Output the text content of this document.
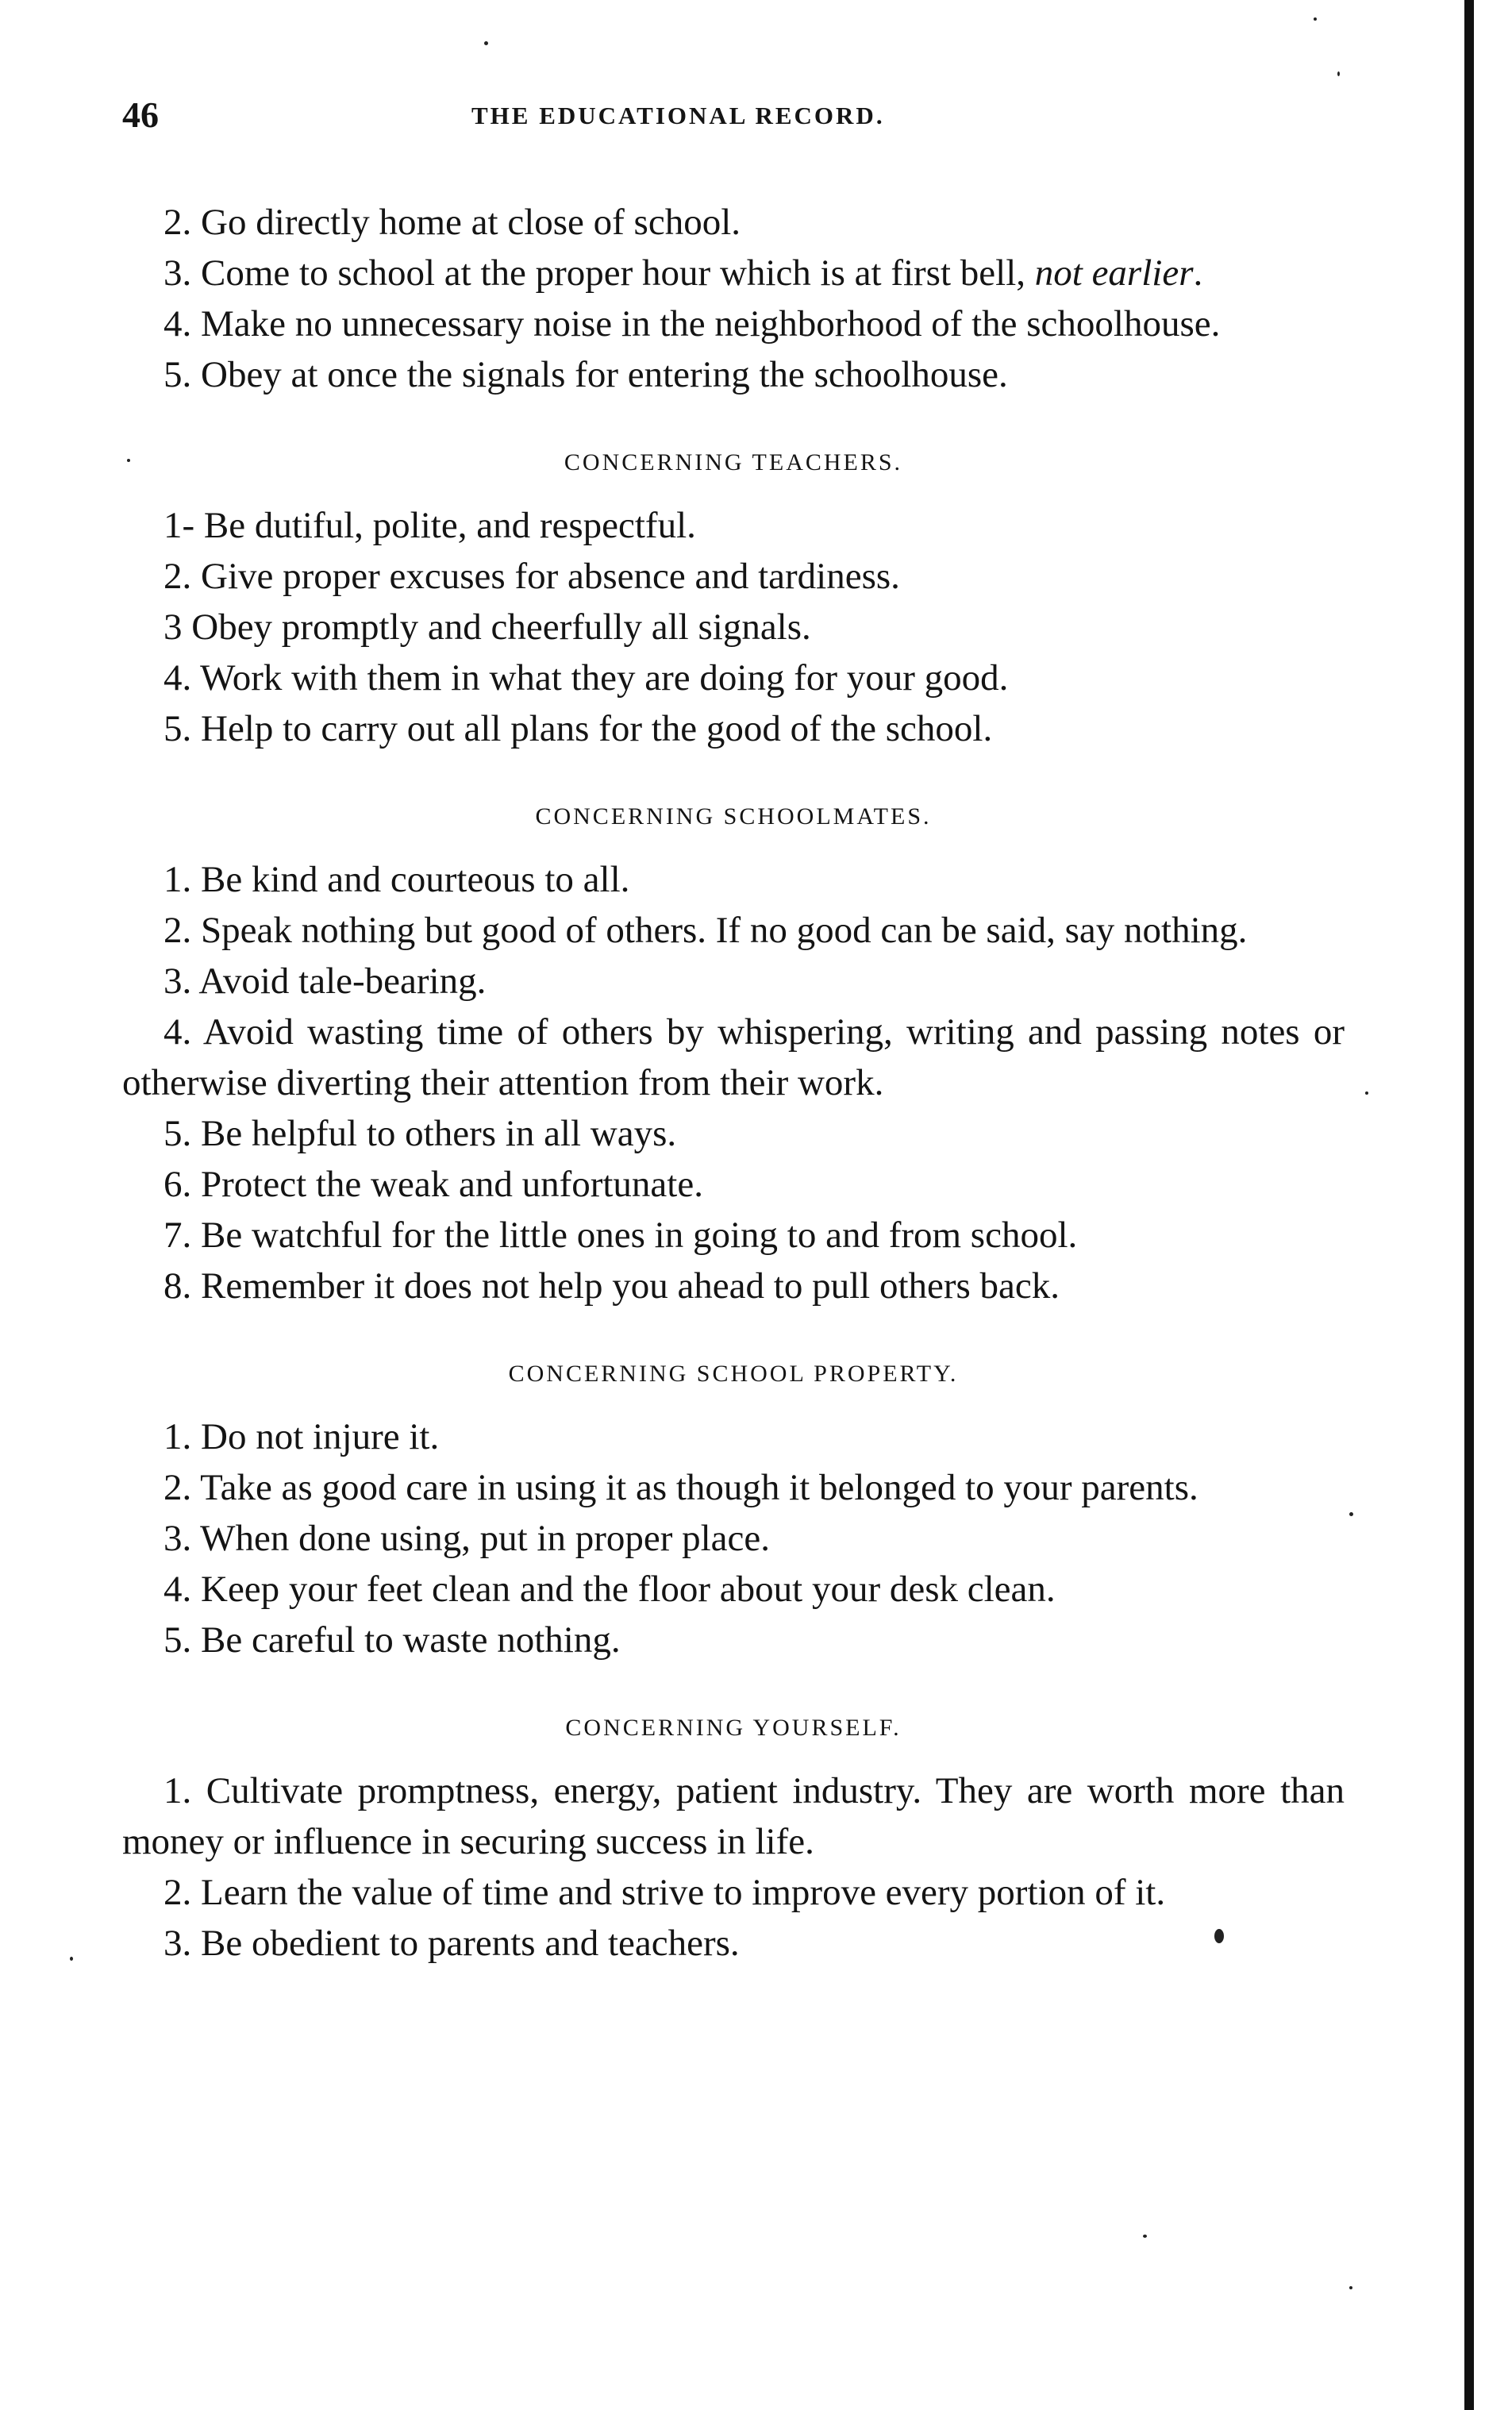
46	THE EDUCATIONAL RECORD.

2. Go directly home at close of school.

3. Come to school at the proper hour which is at first bell, not earlier.

4. Make no unnecessary noise in the neighborhood of the schoolhouse.

5. Obey at once the signals for entering the schoolhouse.

CONCERNING TEACHERS.

1- Be dutiful, polite, and respectful.

2. Give proper excuses for absence and tardiness.

3 Obey promptly and cheerfully all signals.

4. Work with them in what they are doing for your good.

5. Help to carry out all plans for the good of the school.

CONCERNING SCHOOLMATES.

1. Be kind and courteous to all.

2. Speak nothing but good of others. If no good can be said, say nothing.

3. Avoid tale-bearing.

4. Avoid wasting time of others by whispering, writing and passing notes or otherwise diverting their attention from their work.

5. Be helpful to others in all ways.

6. Protect the weak and unfortunate.

7. Be watchful for the little ones in going to and from school.

8. Remember it does not help you ahead to pull others back.

CONCERNING SCHOOL PROPERTY.

1. Do not injure it.

2. Take as good care in using it as though it belonged to your parents.

3. When done using, put in proper place.

4. Keep your feet clean and the floor about your desk clean.

5. Be careful to waste nothing.

CONCERNING YOURSELF.

1. Cultivate promptness, energy, patient industry. They are worth more than money or influence in securing success in life.

2. Learn the value of time and strive to improve every portion of it.

3. Be obedient to parents and teachers.
